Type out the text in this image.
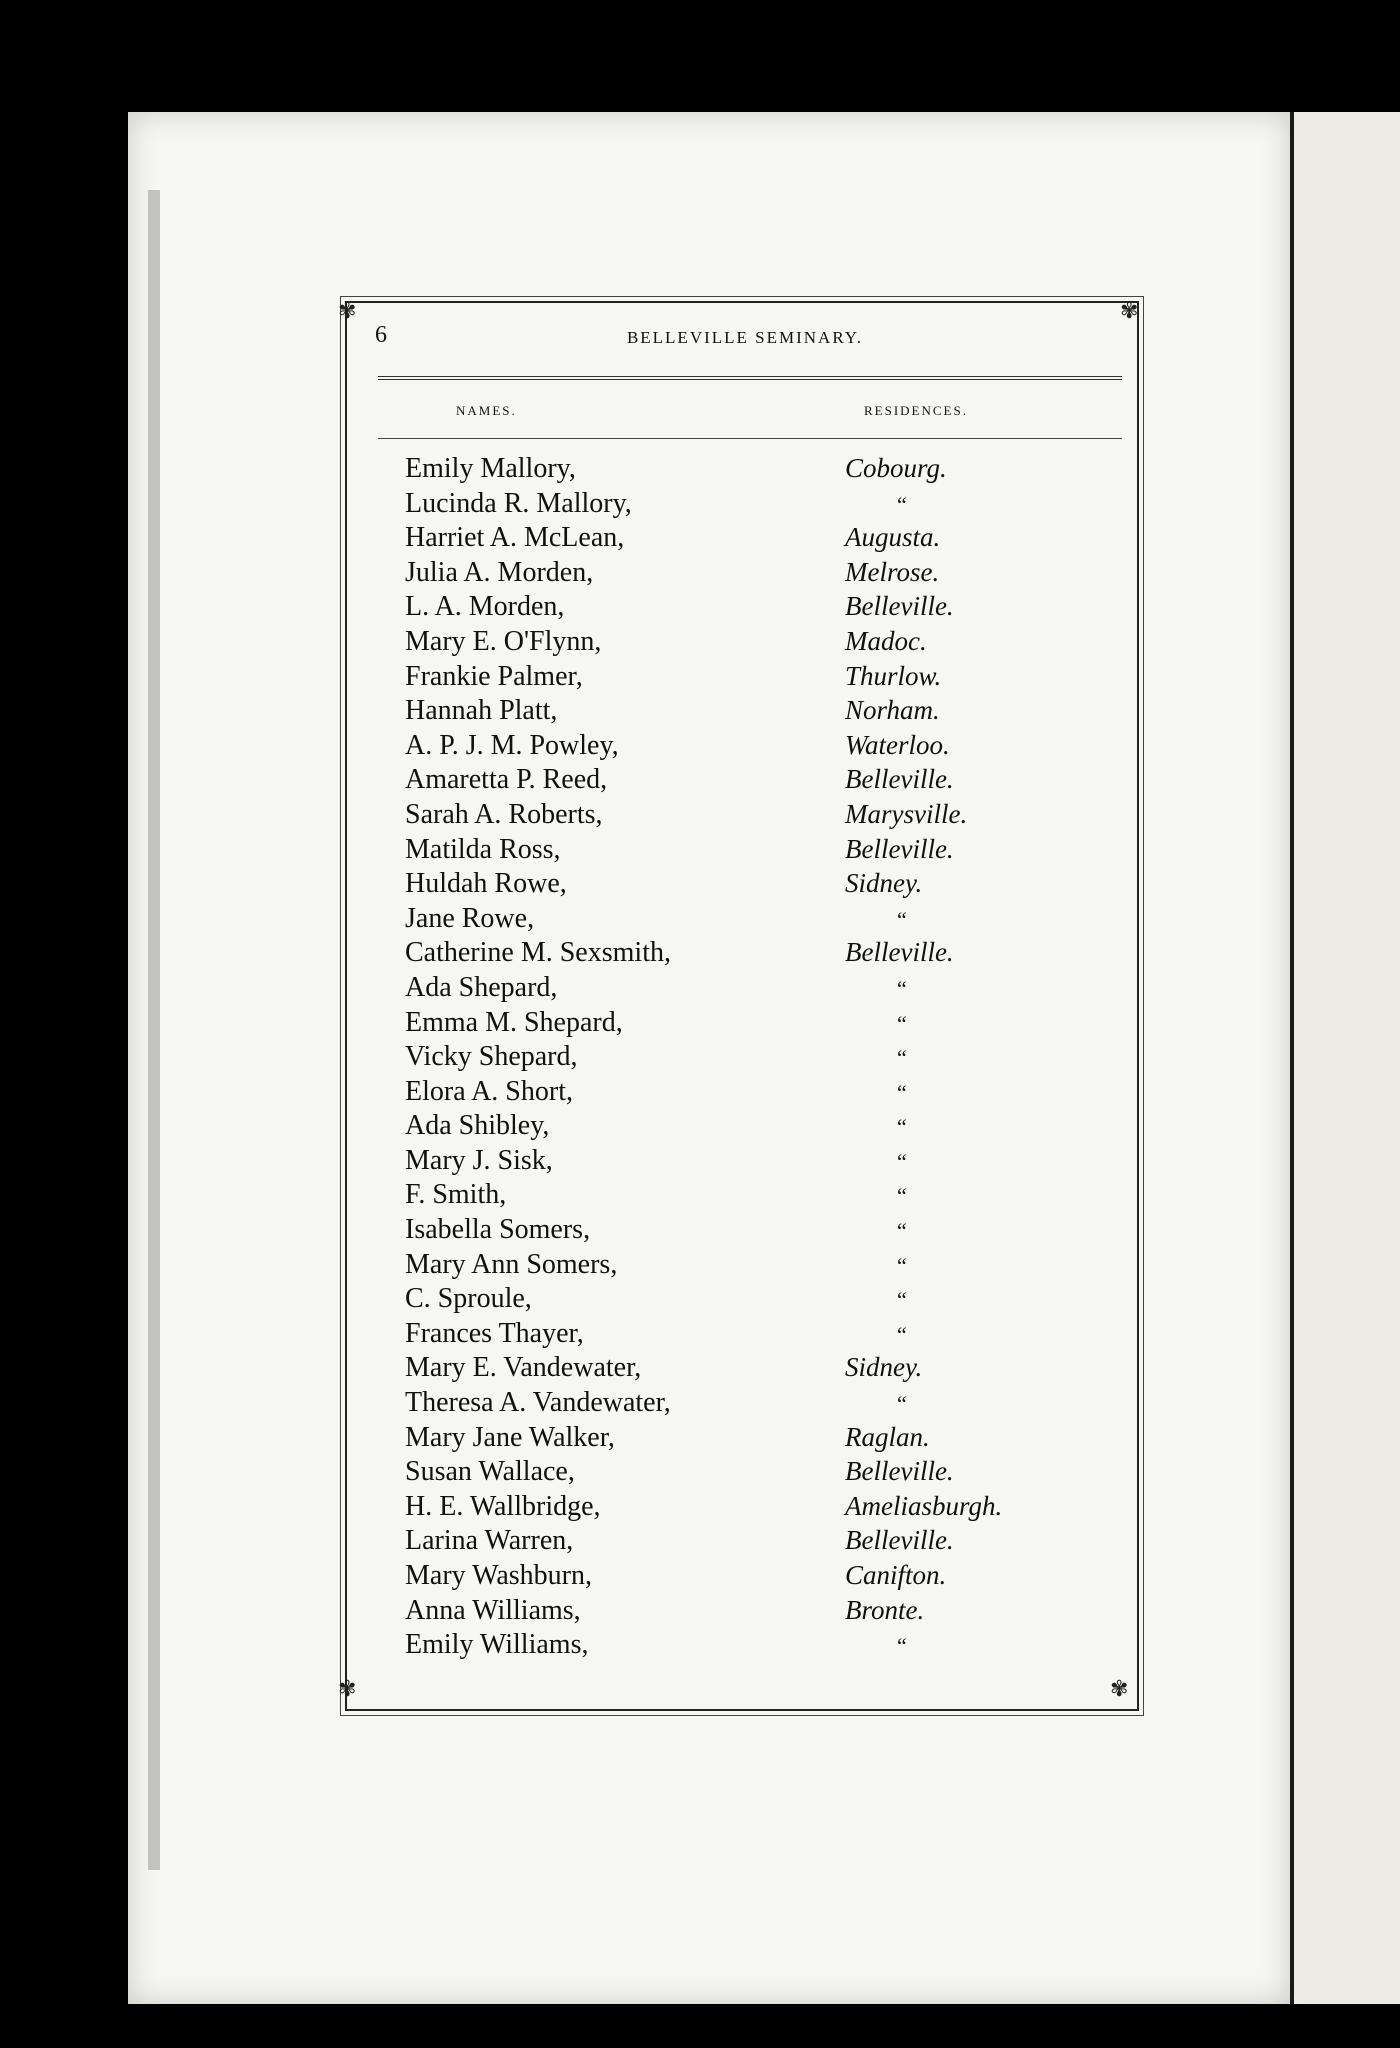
✾	✾
✾	✾
6	BELLEVILLE SEMINARY.
NAMES.	RESIDENCES.
Emily Mallory,	Cobourg.
Lucinda R. Mallory,	“
Harriet A. McLean,	Augusta.
Julia A. Morden,	Melrose.
L. A. Morden,	Belleville.
Mary E. O'Flynn,	Madoc.
Frankie Palmer,	Thurlow.
Hannah Platt,	Norham.
A. P. J. M. Powley,	Waterloo.
Amaretta P. Reed,	Belleville.
Sarah A. Roberts,	Marysville.
Matilda Ross,	Belleville.
Huldah Rowe,	Sidney.
Jane Rowe,	“
Catherine M. Sexsmith,	Belleville.
Ada Shepard,	“
Emma M. Shepard,	“
Vicky Shepard,	“
Elora A. Short,	“
Ada Shibley,	“
Mary J. Sisk,	“
F. Smith,	“
Isabella Somers,	“
Mary Ann Somers,	“
C. Sproule,	“
Frances Thayer,	“
Mary E. Vandewater,	Sidney.
Theresa A. Vandewater,	“
Mary Jane Walker,	Raglan.
Susan Wallace,	Belleville.
H. E. Wallbridge,	Ameliasburgh.
Larina Warren,	Belleville.
Mary Washburn,	Canifton.
Anna Williams,	Bronte.
Emily Williams,	“
